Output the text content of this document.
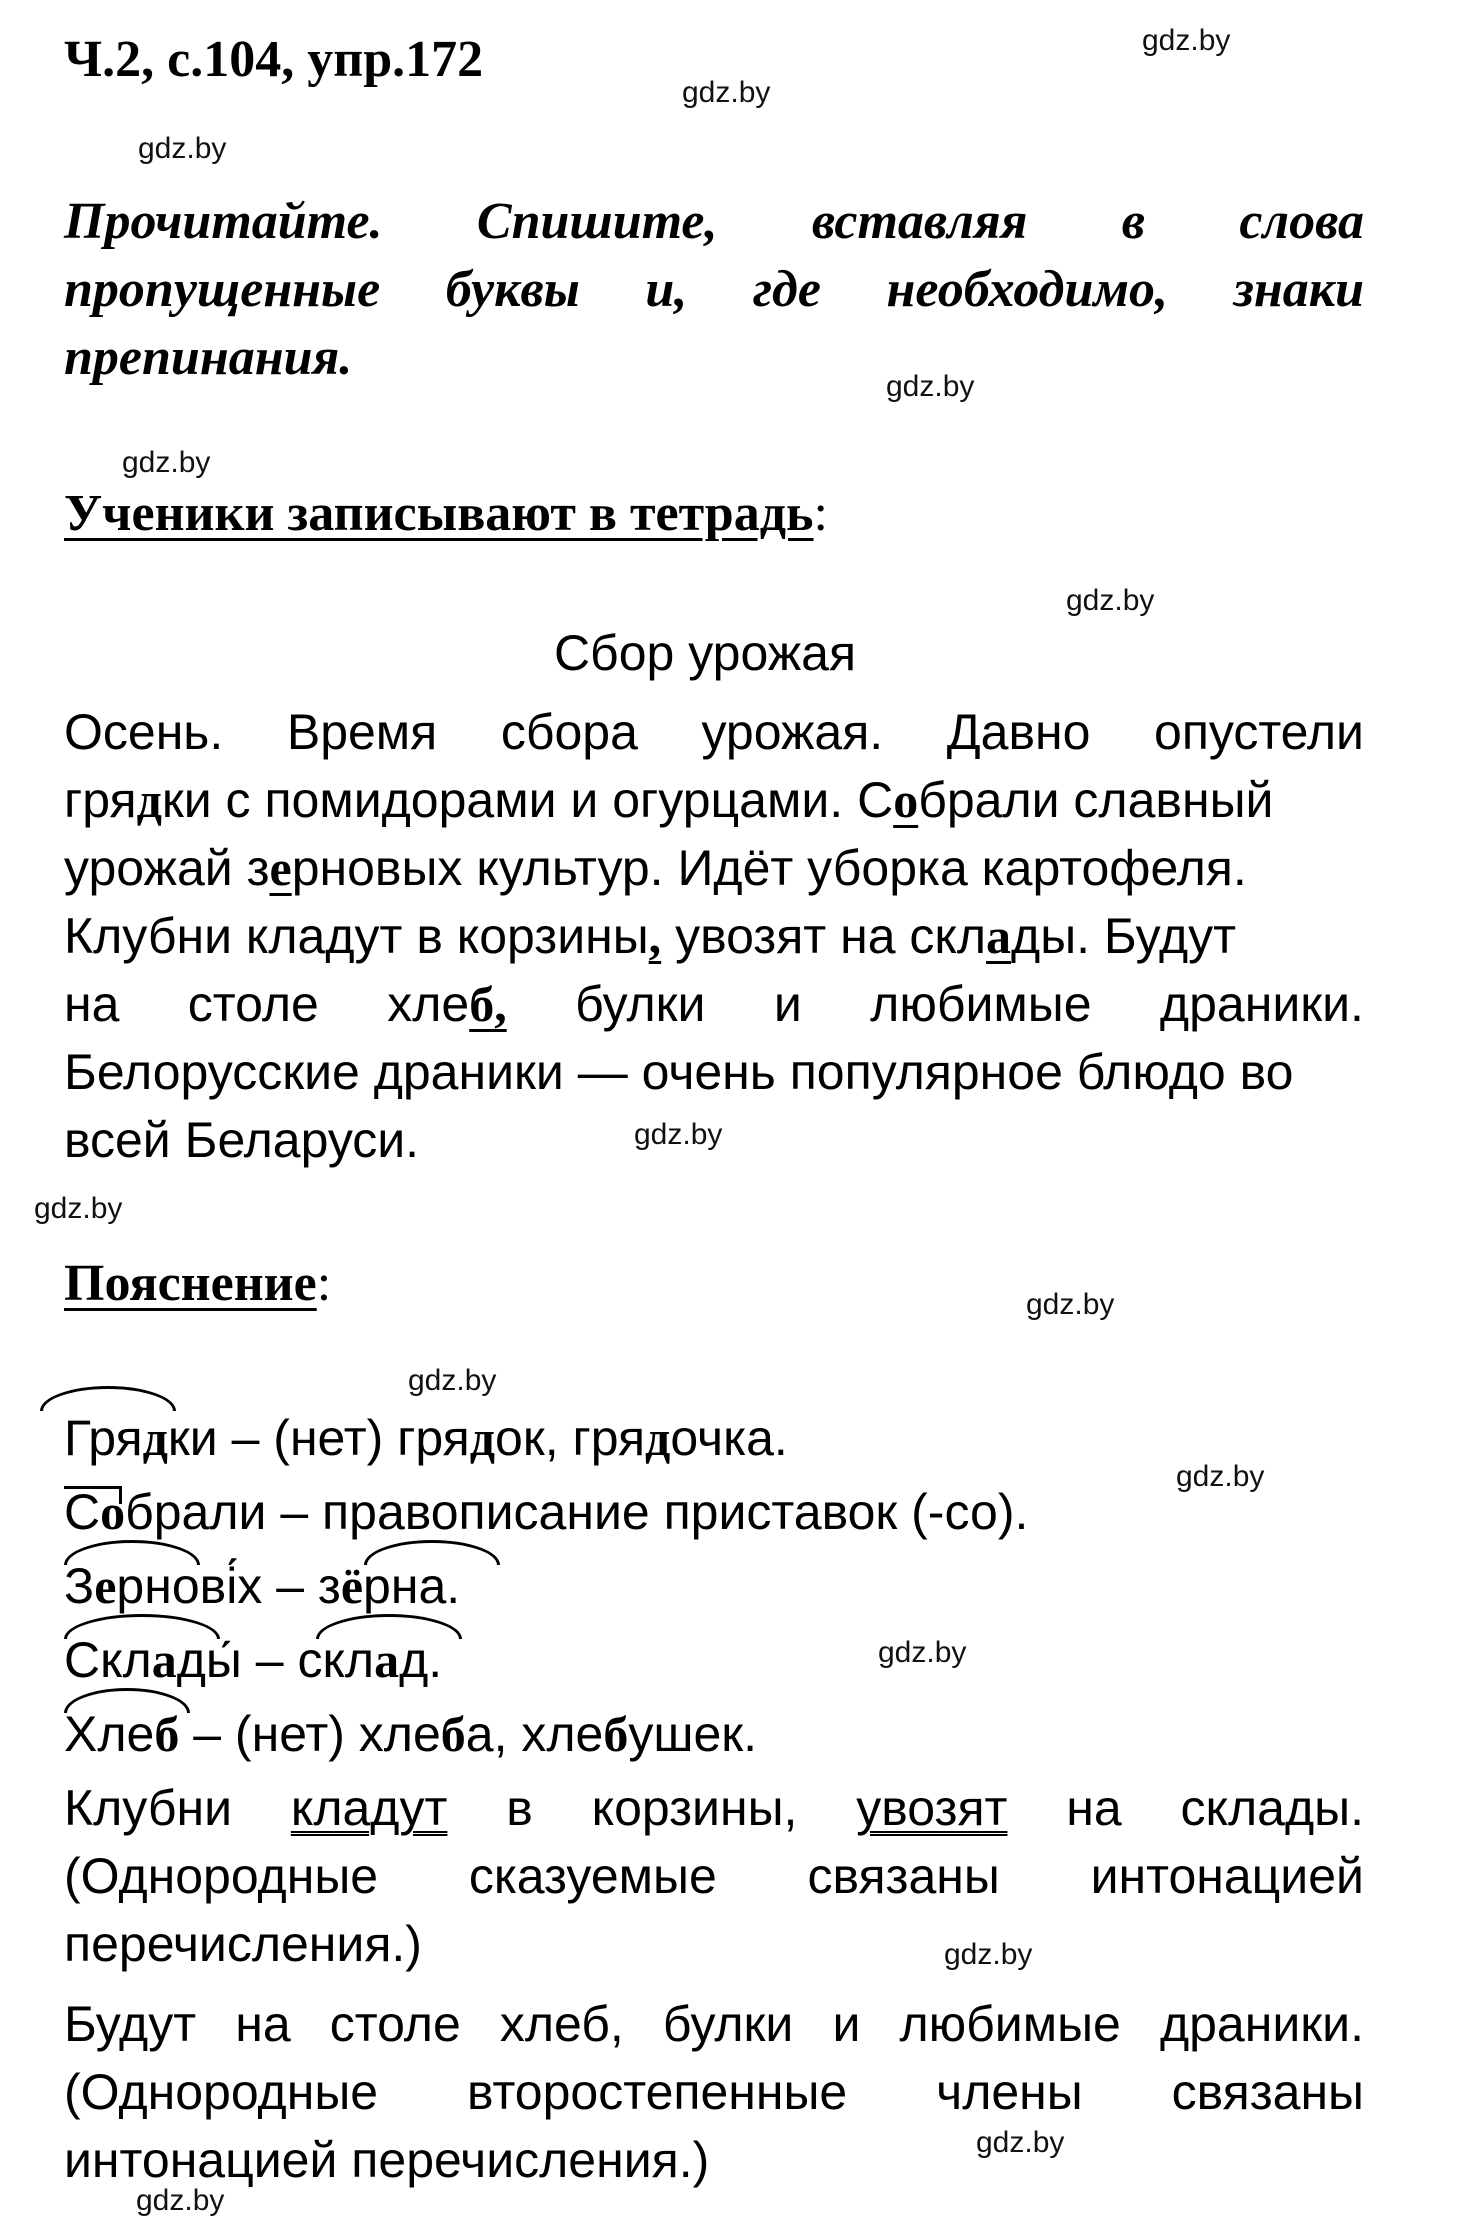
gdz.by
gdz.by
gdz.by
gdz.by
gdz.by
gdz.by
gdz.by
gdz.by
gdz.by
gdz.by
gdz.by
gdz.by
gdz.by
gdz.by
gdz.by
Ч.2, с.104, упр.172
Прочитайте. Спишите, вставляя в слова пропущенные буквы и, где необходимо, знаки препинания.
Ученики записывают в тетрадь:
Сбор урожая
Осень. Время сбора урожая. Давно опустели
грядки с помидорами и огурцами. Собрали славный
урожай зерновых культур. Идёт уборка картофеля.
Клубни кладут в корзины, увозят на склады. Будут
на столе хлеб, булки и любимые драники.
Белорусские драники — очень популярное блюдо во
всей Беларуси.
Пояснение:
Грядки – (нет) грядок, грядочка.
Собрали – правописание приставок (-со).
Зернові́х – зёрна.
Склады́ – склад.
Хлеб – (нет) хлеба, хлебушек.
Клубни кладут в корзины, увозят на склады.
(Однородные сказуемые связаны интонацией
перечисления.)
Будут на столе хлеб, булки и любимые драники.
(Однородные второстепенные члены связаны
интонацией перечисления.)
